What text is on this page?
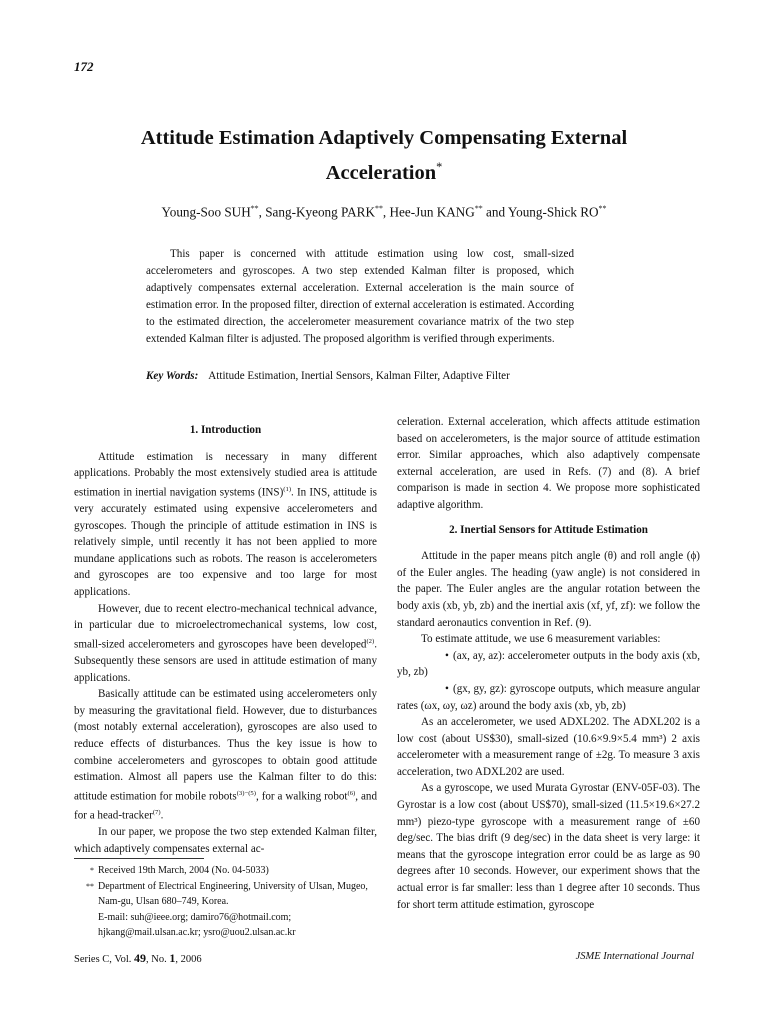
172
Attitude Estimation Adaptively Compensating External
Acceleration*
Young-Soo SUH**, Sang-Kyeong PARK**, Hee-Jun KANG** and Young-Shick RO**

This paper is concerned with attitude estimation using low cost, small-sized accelerometers and gyroscopes. A two step extended Kalman filter is proposed, which adaptively compensates external acceleration. External acceleration is the main source of estimation error. In the proposed filter, direction of external acceleration is estimated. According to the estimated direction, the accelerometer measurement covariance matrix of the two step extended Kalman filter is adjusted. The proposed algorithm is verified through experiments.

Key Words: Attitude Estimation, Inertial Sensors, Kalman Filter, Adaptive Filter
1. Introduction

Attitude estimation is necessary in many different applications. Probably the most extensively studied area is attitude estimation in inertial navigation systems (INS)$^{(1)}$. In INS, attitude is very accurately estimated using expensive accelerometers and gyroscopes. Though the principle of attitude estimation in INS is relatively simple, until recently it has not been applied to more mundane applications such as robots. The reason is accelerometers and gyroscopes are too expensive and too large for most applications.

However, due to recent electro-mechanical technical advance, in particular due to microelectromechanical systems, low cost, small-sized accelerometers and gyroscopes have been developed$^{(2)}$. Subsequently these sensors are used in attitude estimation of many applications.

Basically attitude can be estimated using accelerometers only by measuring the gravitational field. However, due to disturbances (most notably external acceleration), gyroscopes are also used to reduce effects of disturbances. Thus the key issue is how to combine accelerometers and gyroscopes to obtain good attitude estimation. Almost all papers use the Kalman filter to do this: attitude estimation for mobile robots$^{(3)-(5)}$, for a walking robot$^{(6)}$, and for a head-tracker$^{(7)}$.

In our paper, we propose the two step extended Kalman filter, which adaptively compensates external ac-

celeration. External acceleration, which affects attitude estimation based on accelerometers, is the major source of attitude estimation error. Similar approaches, which also adaptively compensate external acceleration, are used in Refs. (7) and (8). A brief comparison is made in section 4. We propose more sophisticated adaptive algorithm.

2. Inertial Sensors for Attitude Estimation

Attitude in the paper means pitch angle (θ) and roll angle (ϕ) of the Euler angles. The heading (yaw angle) is not considered in the paper. The Euler angles are the angular rotation between the body axis (xb, yb, zb) and the inertial axis (xf, yf, zf): we follow the standard aeronautics convention in Ref. (9).

To estimate attitude, we use 6 measurement variables:

• (ax, ay, az): accelerometer outputs in the body axis (xb, yb, zb)

• (gx, gy, gz): gyroscope outputs, which measure angular rates (ωx, ωy, ωz) around the body axis (xb, yb, zb)

As an accelerometer, we used ADXL202. The ADXL202 is a low cost (about US$30), small-sized (10.6×9.9×5.4 mm³) 2 axis accelerometer with a measurement range of ±2g. To measure 3 axis acceleration, two ADXL202 are used.

As a gyroscope, we used Murata Gyrostar (ENV-05F-03). The Gyrostar is a low cost (about US$70), small-sized (11.5×19.6×27.2 mm³) piezo-type gyroscope with a measurement range of ±60 deg/sec. The bias drift (9 deg/sec) in the data sheet is very large: it means that the gyroscope integration error could be as large as 90 degrees after 10 seconds. However, our experiment shows that the actual error is far smaller: less than 1 degree after 10 seconds. Thus for short term attitude estimation, gyroscope

* Received 19th March, 2004 (No. 04-5033)
** Department of Electrical Engineering, University of Ulsan, Mugeo, Nam-gu, Ulsan 680–749, Korea.
E-mail: suh@ieee.org; damiro76@hotmail.com;
hjkang@mail.ulsan.ac.kr; ysro@uou2.ulsan.ac.kr
Series C, Vol. 49, No. 1, 2006	JSME International Journal
